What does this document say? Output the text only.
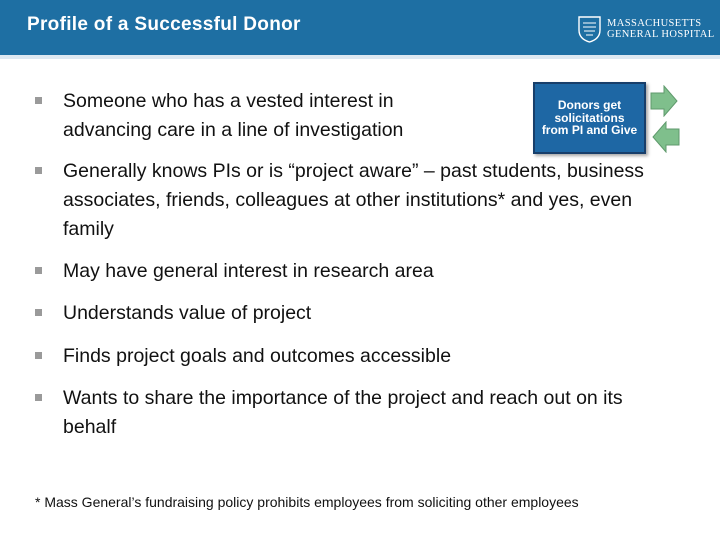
Profile of a Successful Donor	MASSACHUSETTS
GENERAL HOSPITAL
Someone who has a vested interest in advancing care in a line of investigation
Generally knows PIs or is “project aware” – past students, business associates, friends, colleagues at other institutions* and yes, even family
May have general interest in research area
Understands value of project
Finds project goals and outcomes accessible
Wants to share the importance of the project and reach out on its behalf
Donors get solicitations from PI and Give
* Mass General’s fundraising policy prohibits employees from soliciting other employees
